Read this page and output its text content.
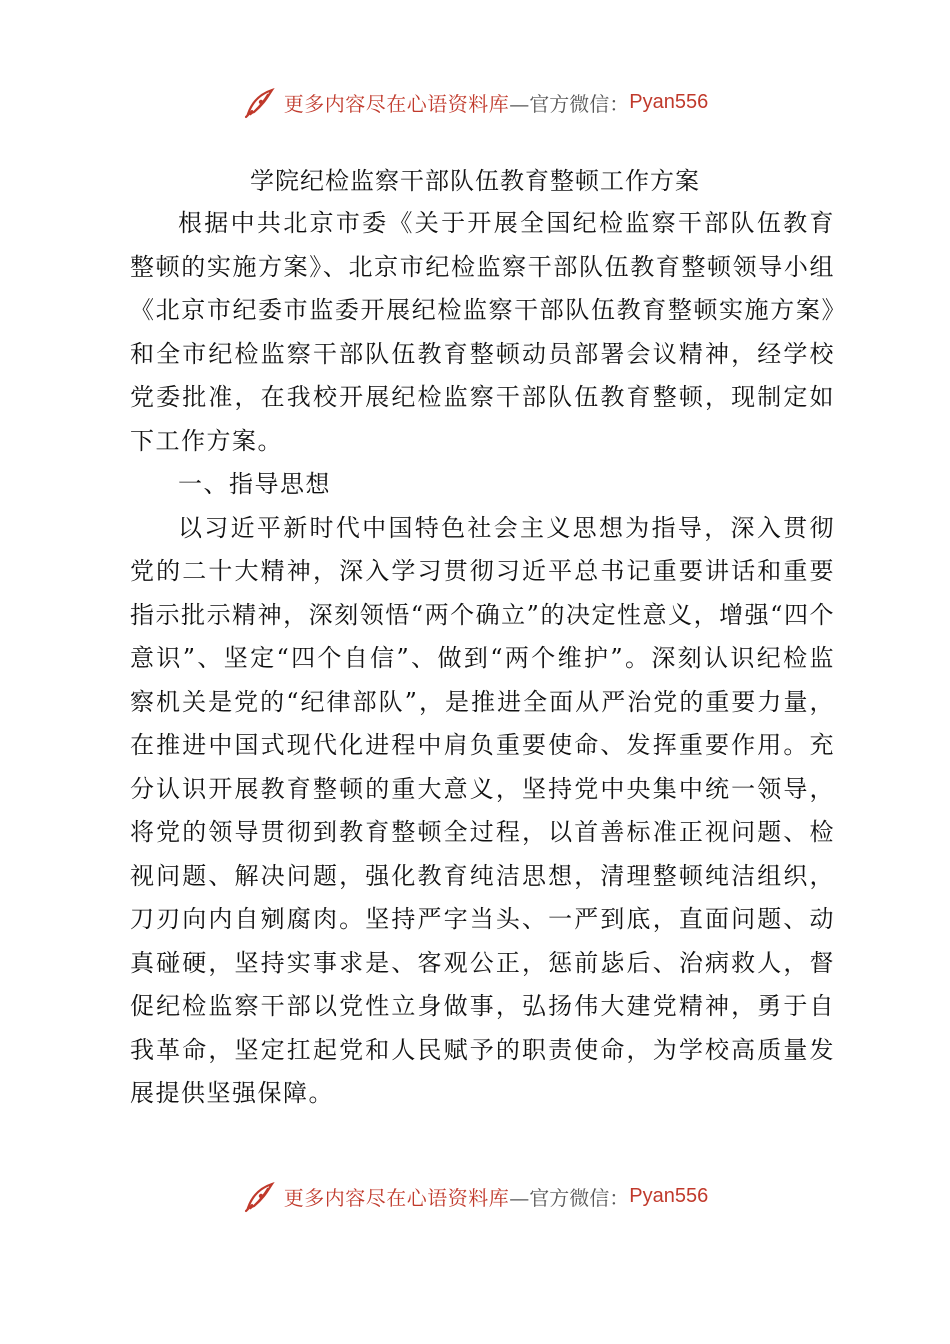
更多内容尽在心语资料库 —官方微信： Pyan556
学院纪检监察干部队伍教育整顿工作方案

根据中共北京市委《关于开展全国纪检监察干部队伍教育整顿的实施方案》、北京市纪检监察干部队伍教育整顿领导小组《北京市纪委市监委开展纪检监察干部队伍教育整顿实施方案》和全市纪检监察干部队伍教育整顿动员部署会议精神，经学校党委批准，在我校开展纪检监察干部队伍教育整顿，现制定如下工作方案。

一、指导思想

以习近平新时代中国特色社会主义思想为指导，深入贯彻党的二十大精神，深入学习贯彻习近平总书记重要讲话和重要指示批示精神，深刻领悟“两个确立”的决定性意义，增强“四个意识”、坚定“四个自信”、做到“两个维护”。深刻认识纪检监察机关是党的“纪律部队”，是推进全面从严治党的重要力量，在推进中国式现代化进程中肩负重要使命、发挥重要作用。充分认识开展教育整顿的重大意义，坚持党中央集中统一领导，将党的领导贯彻到教育整顿全过程，以首善标准正视问题、检视问题、解决问题，强化教育纯洁思想，清理整顿纯洁组织，刀刃向内自剜腐肉。坚持严字当头、一严到底，直面问题、动真碰硬，坚持实事求是、客观公正，惩前毖后、治病救人，督促纪检监察干部以党性立身做事，弘扬伟大建党精神，勇于自我革命，坚定扛起党和人民赋予的职责使命，为学校高质量发展提供坚强保障。

更多内容尽在心语资料库 —官方微信： Pyan556
